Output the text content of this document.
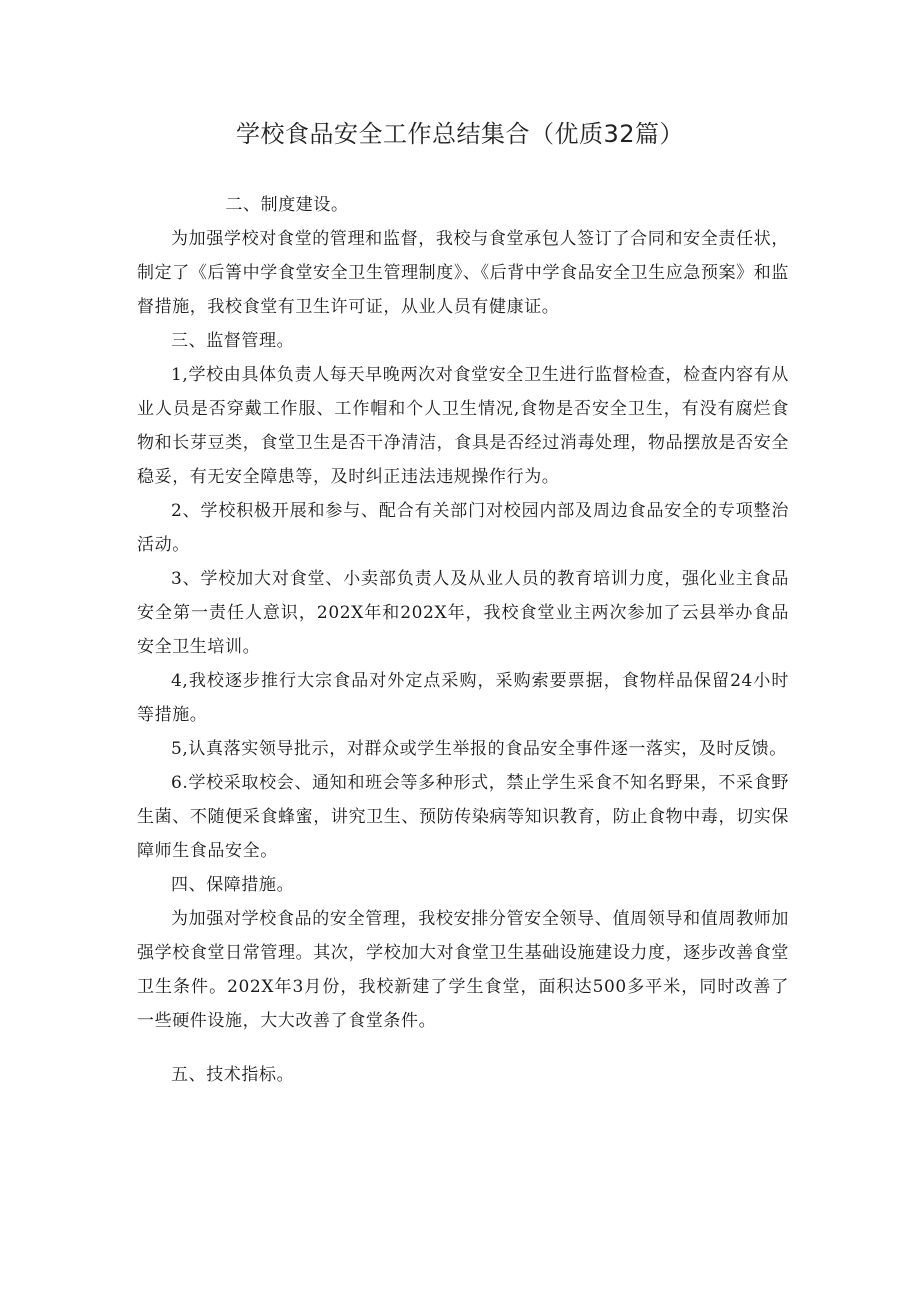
学校食品安全工作总结集合（优质32篇）

二、制度建设。

为加强学校对食堂的管理和监督，我校与食堂承包人签订了合同和安全责任状，制定了《后箐中学食堂安全卫生管理制度》、《后背中学食品安全卫生应急预案》和监督措施，我校食堂有卫生许可证，从业人员有健康证。

三、监督管理。

1,学校由具体负责人每天早晚两次对食堂安全卫生进行监督检查，检查内容有从业人员是否穿戴工作服、工作帽和个人卫生情况,食物是否安全卫生，有没有腐烂食物和长芽豆类，食堂卫生是否干净清洁，食具是否经过消毒处理，物品摆放是否安全稳妥，有无安全障患等，及时纠正违法违规操作行为。

2、学校积极开展和参与、配合有关部门对校园内部及周边食品安全的专项整治活动。

3、学校加大对食堂、小卖部负责人及从业人员的教育培训力度，强化业主食品安全第一责任人意识，202X年和202X年，我校食堂业主两次参加了云县举办食品安全卫生培训。

4,我校逐步推行大宗食品对外定点采购，采购索要票据，食物样品保留24小时等措施。

5,认真落实领导批示，对群众或学生举报的食品安全事件逐一落实，及时反馈。

6.学校采取校会、通知和班会等多种形式，禁止学生采食不知名野果，不采食野生菌、不随便采食蜂蜜，讲究卫生、预防传染病等知识教育，防止食物中毒，切实保障师生食品安全。

四、保障措施。

为加强对学校食品的安全管理，我校安排分管安全领导、值周领导和值周教师加强学校食堂日常管理。其次，学校加大对食堂卫生基础设施建设力度，逐步改善食堂卫生条件。202X年3月份，我校新建了学生食堂，面积达500多平米，同时改善了一些硬件设施，大大改善了食堂条件。

五、技术指标。
